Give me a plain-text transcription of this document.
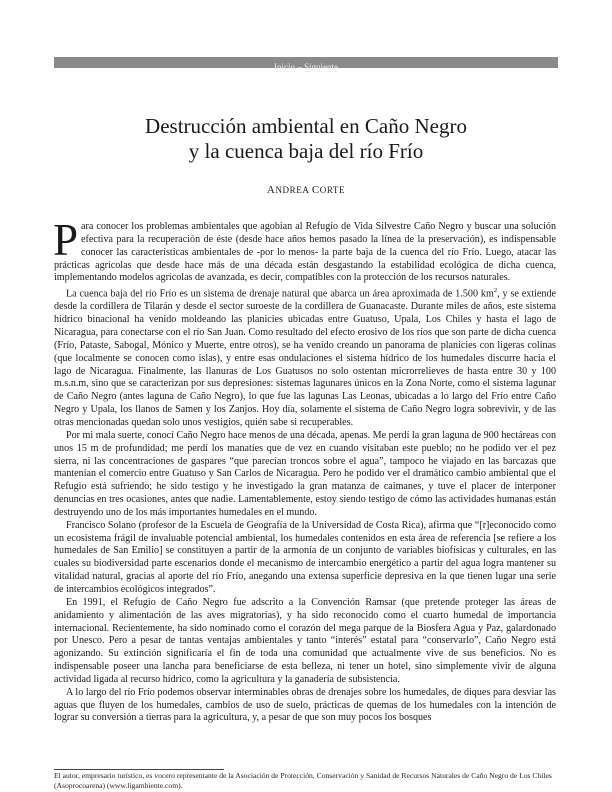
Inicio – Siguiente
Destrucción ambiental en Caño Negro
y la cuenca baja del río Frío
ANDREA CORTE

Para conocer los problemas ambientales que agobian al Refugio de Vida Silvestre Caño Negro y buscar una solución efectiva para la recuperación de éste (desde hace años hemos pasado la línea de la preservación), es indispensable conocer las características ambientales de -por lo menos- la parte baja de la cuenca del río Frío. Luego, atacar las prácticas agrícolas que desde hace más de una década están desgastando la estabilidad ecológica de dicha cuenca, implementando modelos agrícolas de avanzada, es decir, compatibles con la protección de los recursos naturales.

La cuenca baja del río Frío es un sistema de drenaje natural que abarca un área aproximada de 1.500 $km^2$, y se extiende desde la cordillera de Tilarán y desde el sector suroeste de la cordillera de Guanacaste. Durante miles de años, este sistema hídrico binacional ha venido moldeando las planicies ubicadas entre Guatuso, Upala, Los Chiles y hasta el lago de Nicaragua, para conectarse con el río San Juan. Como resultado del efecto erosivo de los ríos que son parte de dicha cuenca (Frío, Pataste, Sabogal, Mónico y Muerte, entre otros), se ha venido creando un panorama de planicies con ligeras colinas (que localmente se conocen como islas), y entre esas ondulaciones el sistema hídrico de los humedales discurre hacia el lago de Nicaragua. Finalmente, las llanuras de Los Guatusos no solo ostentan microrrelieves de hasta entre 30 y 100 m.s.n.m, sino que se caracterizan por sus depresiones: sistemas lagunares únicos en la Zona Norte, como el sistema lagunar de Caño Negro (antes laguna de Caño Negro), lo que fue las lagunas Las Leonas, ubicadas a lo largo del Frío entre Caño Negro y Upala, los llanos de Samen y los Zanjos. Hoy día, solamente el sistema de Caño Negro logra sobrevivir, y de las otras mencionadas quedan solo unos vestigios, quién sabe si recuperables.

Por mi mala suerte, conocí Caño Negro hace menos de una década, apenas. Me perdí la gran laguna de 900 hectáreas con unos 15 m de profundidad; me perdí los manatíes que de vez en cuando visitaban este pueblo; no he podido ver el pez sierra, ni las concentraciones de gaspares “que parecían troncos sobre el agua”, tampoco he viajado en las barcazas que mantenían el comercio entre Guatuso y San Carlos de Nicaragua. Pero he podido ver el dramático cambio ambiental que el Refugio está sufriendo; he sido testigo y he investigado la gran matanza de caimanes, y tuve el placer de interponer denuncias en tres ocasiones, antes que nadie. Lamentablemente, estoy siendo testigo de cómo las actividades humanas están destruyendo uno de los más importantes humedales en el mundo.

Francisco Solano (profesor de la Escuela de Geografía de la Universidad de Costa Rica), afirma que “[r]econocido como un ecosistema frágil de invaluable potencial ambiental, los humedales contenidos en esta área de referencia [se refiere a los humedales de San Emilio] se constituyen a partir de la armonía de un conjunto de variables biofísicas y culturales, en las cuales su biodiversidad parte escenarios donde el mecanismo de intercambio energético a partir del agua logra mantener su vitalidad natural, gracias al aporte del río Frío, anegando una extensa superficie depresiva en la que tienen lugar una serie de intercambios ecológicos integrados”.

En 1991, el Refugio de Caño Negro fue adscrito a la Convención Ramsar (que pretende proteger las áreas de anidamiento y alimentación de las aves migratorias), y ha sido reconocido como el cuarto humedal de importancia internacional. Recientemente, ha sido nominado como el corazón del mega parque de la Biosfera Agua y Paz, galardonado por Unesco. Pero a pesar de tantas ventajas ambientales y tanto “interés” estatal para “conservarlo”, Caño Negro está agonizando. Su extinción significaría el fin de toda una comunidad que actualmente vive de sus beneficios. No es indispensable poseer una lancha para beneficiarse de esta belleza, ni tener un hotel, sino simplemente vivir de alguna actividad ligada al recurso hídrico, como la agricultura y la ganadería de subsistencia.

A lo largo del río Frío podemos observar interminables obras de drenajes sobre los humedales, de diques para desviar las aguas que fluyen de los humedales, cambios de uso de suelo, prácticas de quemas de los humedales con la intención de lograr su conversión a tierras para la agricultura, y, a pesar de que son muy pocos los bosques

El autor, empresario turístico, es vocero representante de la Asociación de Protección, Conservación y Sanidad de Recursos Naturales de Caño Negro de Los Chiles (Asoprocoarena) (www.ligambiente.com).
